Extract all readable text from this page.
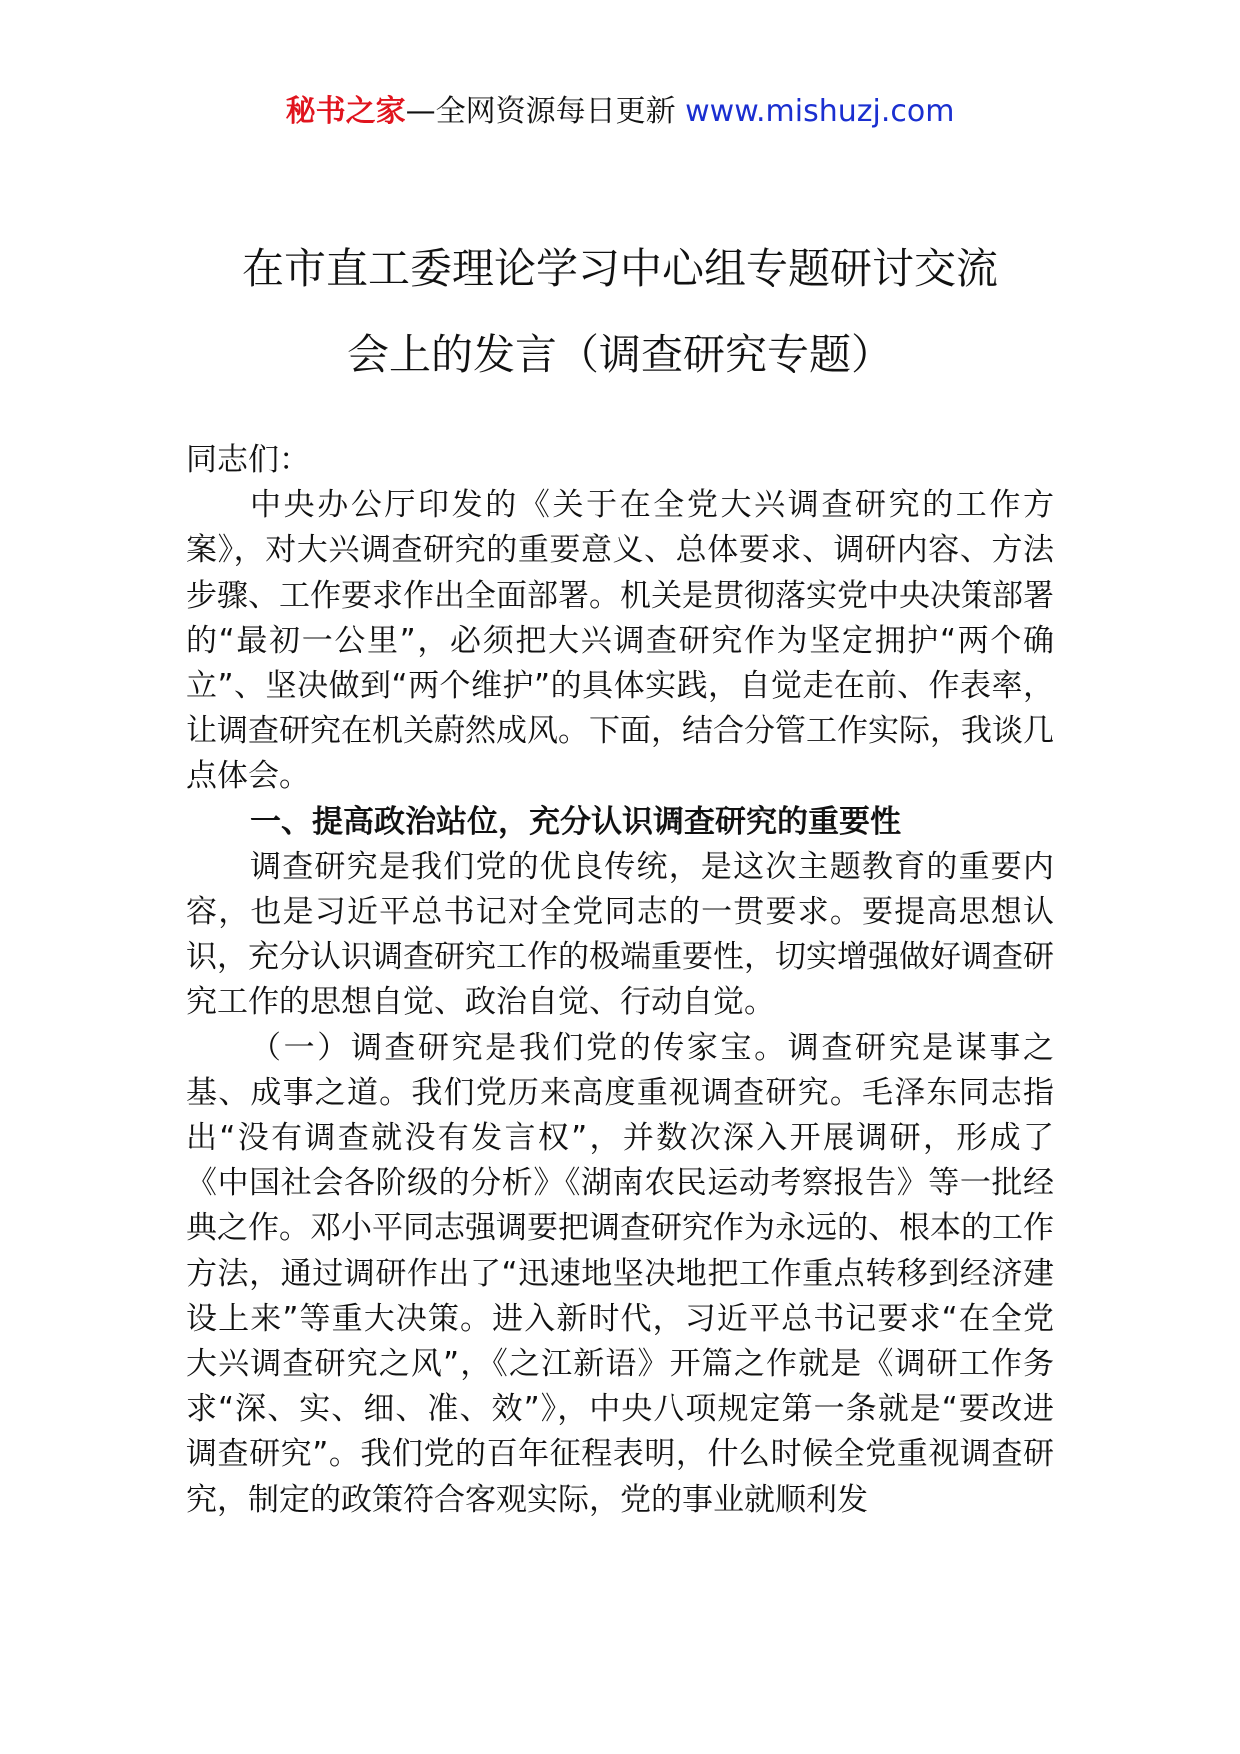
秘书之家—全网资源每日更新 www.mishuzj.com
在市直工委理论学习中心组专题研讨交流
会上的发言（调查研究专题）

同志们：

中央办公厅印发的《关于在全党大兴调查研究的工作方案》，对大兴调查研究的重要意义、总体要求、调研内容、方法步骤、工作要求作出全面部署。机关是贯彻落实党中央决策部署的“最初一公里”，必须把大兴调查研究作为坚定拥护“两个确立”、坚决做到“两个维护”的具体实践，自觉走在前、作表率，让调查研究在机关蔚然成风。下面，结合分管工作实际，我谈几点体会。

一、提高政治站位，充分认识调查研究的重要性

调查研究是我们党的优良传统，是这次主题教育的重要内容，也是习近平总书记对全党同志的一贯要求。要提高思想认识，充分认识调查研究工作的极端重要性，切实增强做好调查研究工作的思想自觉、政治自觉、行动自觉。

（一）调查研究是我们党的传家宝。调查研究是谋事之基、成事之道。我们党历来高度重视调查研究。毛泽东同志指出“没有调查就没有发言权”，并数次深入开展调研，形成了《中国社会各阶级的分析》《湖南农民运动考察报告》等一批经典之作。邓小平同志强调要把调查研究作为永远的、根本的工作方法，通过调研作出了“迅速地坚决地把工作重点转移到经济建设上来”等重大决策。进入新时代，习近平总书记要求“在全党大兴调查研究之风”，《之江新语》开篇之作就是《调研工作务求“深、实、细、准、效”》，中央八项规定第一条就是“要改进调查研究”。我们党的百年征程表明，什么时候全党重视调查研究，制定的政策符合客观实际，党的事业就顺利发
